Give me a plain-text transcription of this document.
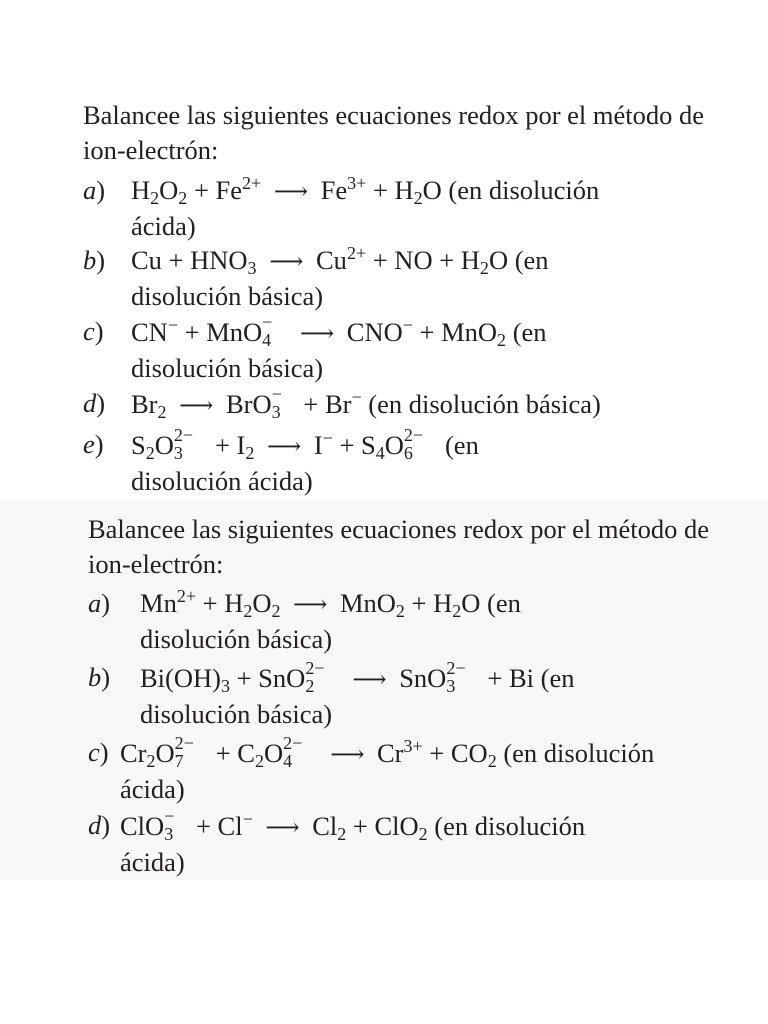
Balancee las siguientes ecuaciones redox por el método de ion-electrón:
a) $H_2O_2 + Fe^{2+}$ ⟶ $Fe^{3+} + H_2O$ (en disolución
ácida)
b) $Cu + HNO_3$ ⟶ $Cu^{2+}$ + NO + $H_2O$ (en
disolución básica)
c) CN− + MnO −
4 ⟶ CNO− + MnO$_2$ (en
disolución básica)
d) $Br_2$ ⟶ BrO −
3 + Br− (en disolución básica)
e) $S_2O$ 2−
$3 + I_2$ ⟶ $I^- + S_4O$ 2−
6 (en
disolución ácida)
Balancee las siguientes ecuaciones redox por el método de ion-electrón:
a) $Mn^{2+} + H_2O_2$ ⟶ $MnO_2 + H_2O$ (en
disolución básica)
b) $Bi(OH)_3$ + SnO 2−
2 ⟶ SnO 2−
3 + Bi (en
disolución básica)
c) $Cr_2O$ 2−
$7 + C_2O$ 2−
4 ⟶ $Cr^{3+} + CO_2$ (en disolución
ácida)
d) ClO −
3 + Cl− ⟶ $Cl_2 + ClO_2$ (en disolución
ácida)
